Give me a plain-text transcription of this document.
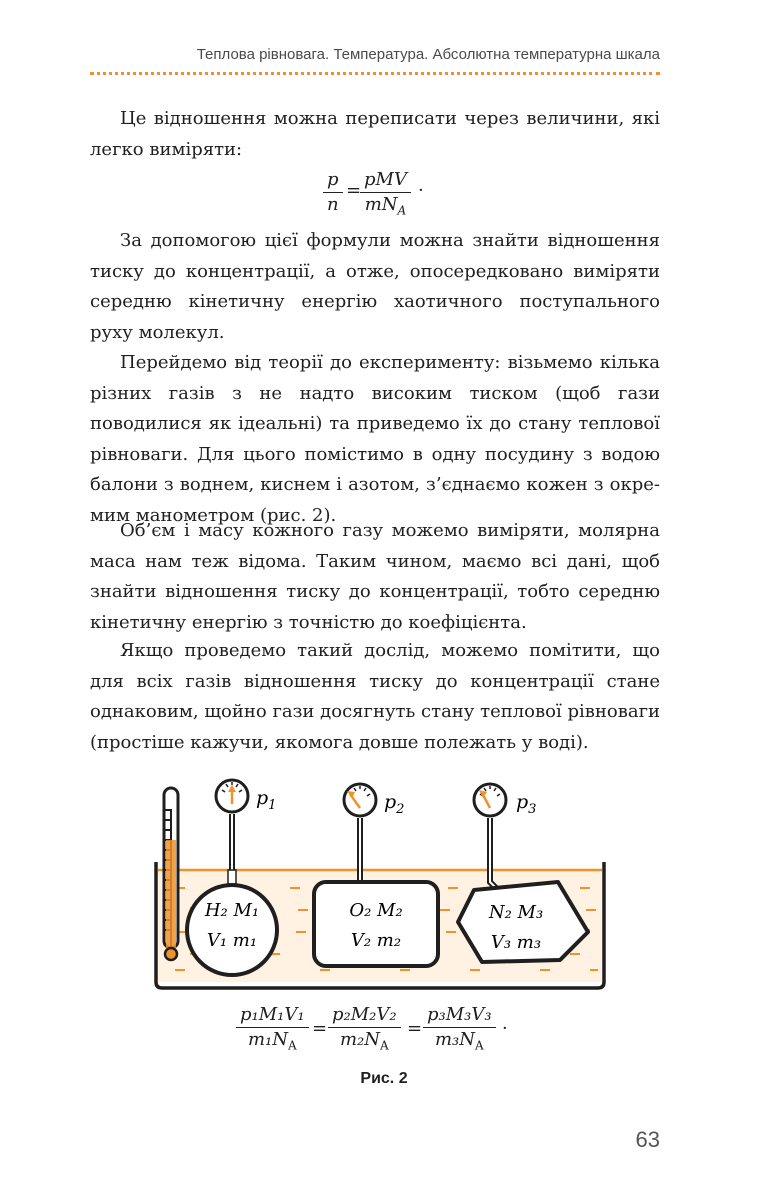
Теплова рівновага. Температура. Абсолютна температурна шкала

Це відношення можна переписати через величини, які легко виміряти:

$\frac{p}{n}$ =
pMV
$mN_A$
·

За допомогою цієї формули можна знайти відношення тиску до концентрації, а отже, опосередковано виміряти середню кінетичну енергію хаотичного поступального руху молекул.

Перейдемо від теорії до експерименту: візьмемо кілька різних газів з не надто високим тиском (щоб гази поводилися як ідеальні) та приведемо їх до стану теплової рівноваги. Для цього помістимо в одну посудину з водою балони з воднем, киснем і азотом, з’єднаємо кожен з окремим манометром (рис. 2).

Об’єм і масу кожного газу можемо виміряти, молярна маса нам теж відома. Таким чином, маємо всі дані, щоб знайти відношення тиску до концентрації, тобто середню кінетичну енергію з точністю до коефіцієнта.

Якщо проведемо такий дослід, можемо помітити, що для всіх газів відношення тиску до концентрації стане однаковим, щойно гази досягнуть стану теплової рівноваги (простіше кажучи, якомога довше полежать у воді).

$p_1$	$p_2$	$p_3$
H₂ M₁
V₁ m₁
O₂ M₂
V₂ m₂
N₂ M₃
V₃ m₃
$\frac{\text{p₁M₁V₁}}{m_1N_A} = \frac{\text{p₂M₂V₂}}{m_2N_A} = \frac{\text{p₃M₃V₃}}{m_3N_A}$ ·
Рис. 2
63
